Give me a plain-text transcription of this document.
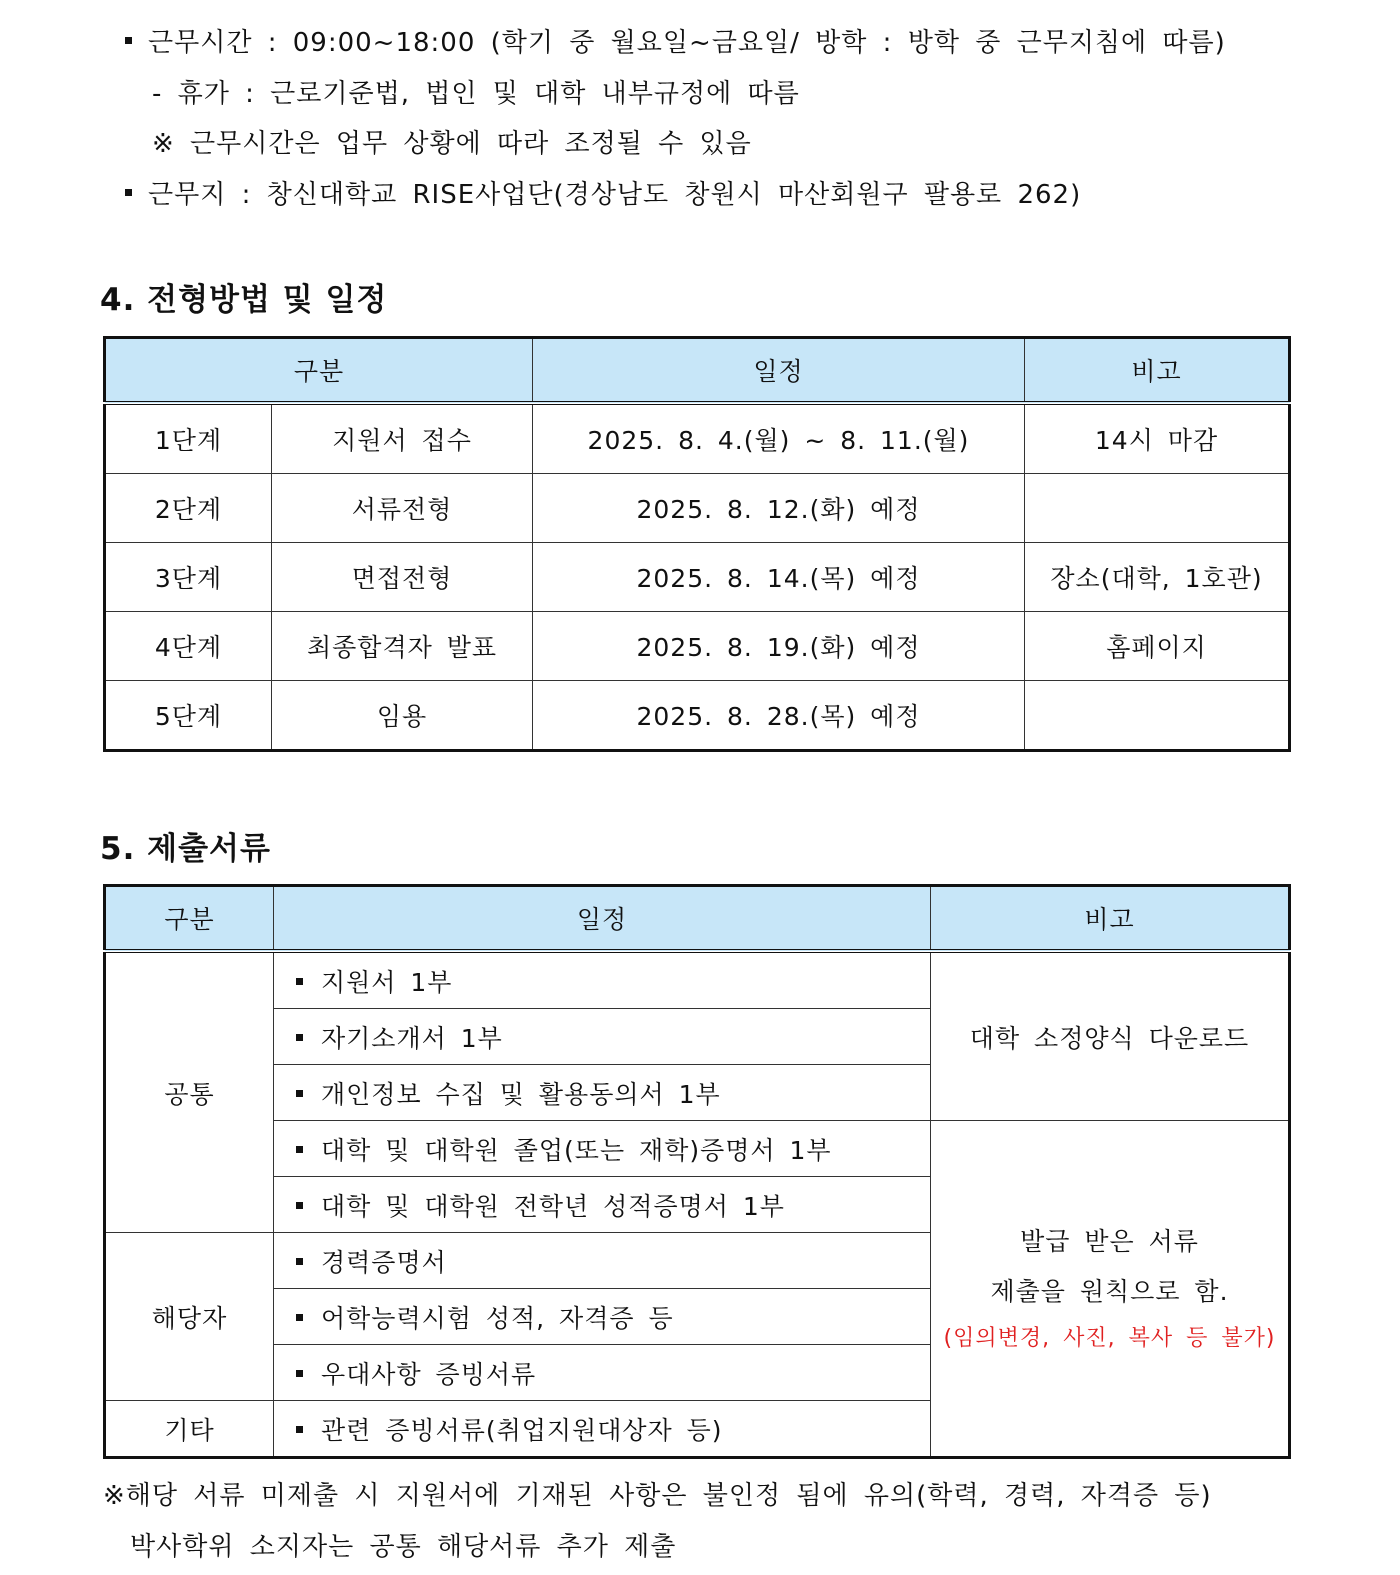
근무시간 : 09:00~18:00 (학기 중 월요일~금요일/ 방학 : 방학 중 근무지침에 따름)
- 휴가 : 근로기준법, 법인 및 대학 내부규정에 따름
※ 근무시간은 업무 상황에 따라 조정될 수 있음
근무지 : 창신대학교 RISE사업단(경상남도 창원시 마산회원구 팔용로 262)
4. 전형방법 및 일정
구분		일정	비고
1단계	지원서 접수	2025. 8. 4.(월) ~ 8. 11.(월)	14시 마감
2단계	서류전형	2025. 8. 12.(화) 예정	
3단계	면접전형	2025. 8. 14.(목) 예정	장소(대학, 1호관)
4단계	최종합격자 발표	2025. 8. 19.(화) 예정	홈페이지
5단계	임용	2025. 8. 28.(목) 예정	
5. 제출서류
구분	일정	비고
공통	지원서 1부	대학 소정양식 다운로드
	자기소개서 1부	
	개인정보 수집 및 활용동의서 1부	
	대학 및 대학원 졸업(또는 재학)증명서 1부	발급 받은 서류
제출을 원칙으로 함.
(임의변경, 사진, 복사 등 불가)

	대학 및 대학원 전학년 성적증명서 1부	
해당자	경력증명서	
	어학능력시험 성적, 자격증 등	
	우대사항 증빙서류	
기타	관련 증빙서류(취업지원대상자 등)	
※해당 서류 미제출 시 지원서에 기재된 사항은 불인정 됨에 유의(학력, 경력, 자격증 등)
박사학위 소지자는 공통 해당서류 추가 제출
